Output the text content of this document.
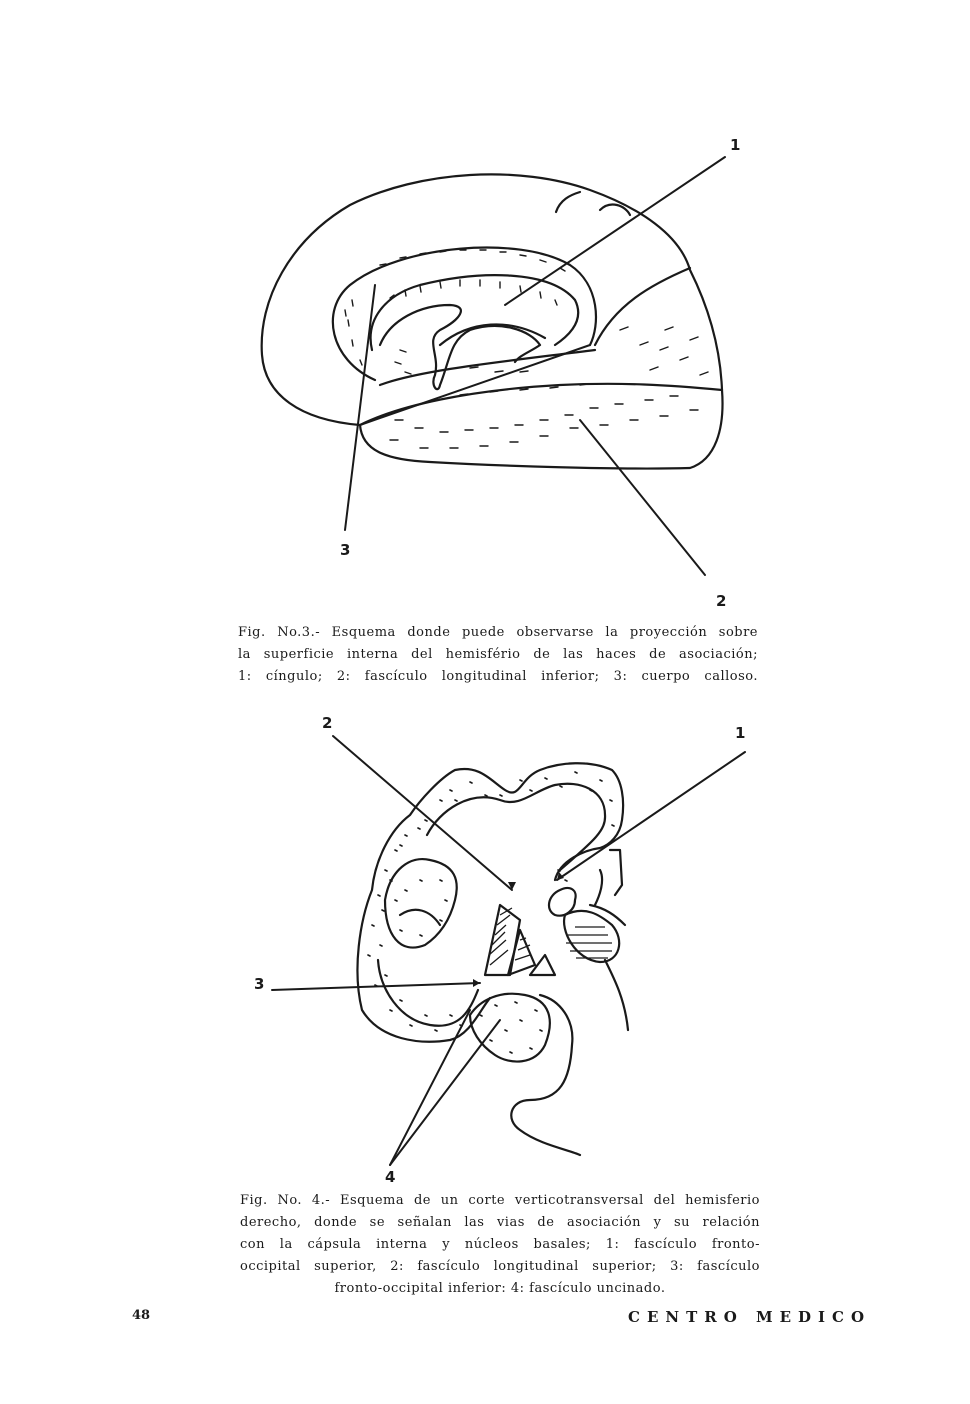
1
2
3
Fig. No.3.- Esquema donde puede observarse la proyección sobre
la superficie interna del hemisfério de las haces de asociación;
1: cíngulo; 2: fascículo longitudinal inferior; 3: cuerpo calloso.
2
1
3
4
Fig. No. 4.- Esquema de un corte verticotransversal del hemisferio
derecho, donde se señalan las vias de asociación y su relación
con la cápsula interna y núcleos basales; 1: fascículo fronto-
occipital superior, 2: fascículo longitudinal superior; 3: fascículo
fronto-occipital inferior: 4: fascículo uncinado.
48	CENTRO MEDICO
